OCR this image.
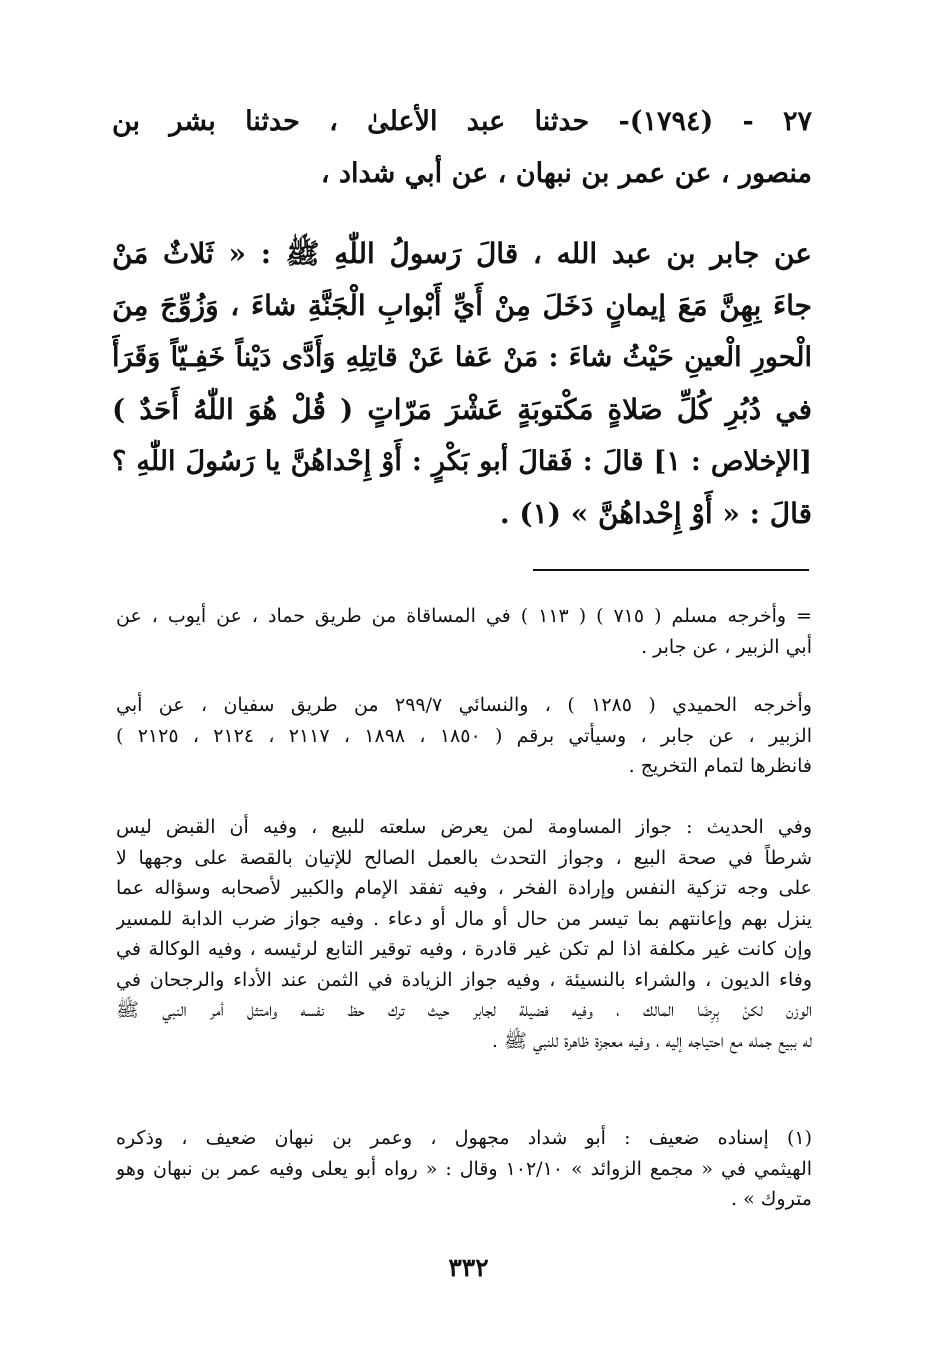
٢٧ - (١٧٩٤)- حدثنا عبد الأعلىٰ ، حدثنا بشر بن
منصور ، عن عمر بن نبهان ، عن أبي شداد ،
عن جابر بن عبد الله ، قالَ رَسولُ اللّٰهِ ﷺ : « ثَلاثٌ مَنْ
جاءَ بِهِنَّ مَعَ إيمانٍ دَخَلَ مِنْ أَيِّ أَبْوابِ الْجَنَّةِ شاءَ ، وَزُوِّجَ مِنَ
الْحورِ الْعينِ حَيْثُ شاءَ : مَنْ عَفا عَنْ قاتِلِهِ وَأَدَّى دَيْناً خَفِـيّاً وَقَرَأَ
في دُبُرِ كُلِّ صَلاةٍ مَكْتوبَةٍ عَشْرَ مَرّاتٍ ( قُلْ هُوَ اللّٰهُ أَحَدٌ )
[الإخلاص : ١] قالَ : فَقالَ أبو بَكْرٍ : أَوْ إِحْداهُنَّ يا رَسُولَ اللّٰهِ ؟
قالَ : « أَوْ إِحْداهُنَّ » (١) .
= وأخرجه مسلم ( ٧١٥ ) ( ١١٣ ) في المساقاة من طريق حماد ، عن أيوب ، عن
أبي الزبير ، عن جابر .
وأخرجه الحميدي ( ١٢٨٥ ) ، والنسائي ٢٩٩/٧ من طريق سفيان ، عن أبي
الزبير ، عن جابر ، وسيأتي برقم ( ١٨٥٠ ، ١٨٩٨ ، ٢١١٧ ، ٢١٢٤ ، ٢١٢٥ )
فانظرها لتمام التخريج .
وفي الحديث : جواز المساومة لمن يعرض سلعته للبيع ، وفيه أن القبض ليس
شرطاً في صحة البيع ، وجواز التحدث بالعمل الصالح للإتيان بالقصة على وجهها لا
على وجه تزكية النفس وإرادة الفخر ، وفيه تفقد الإمام والكبير لأصحابه وسؤاله عما
ينزل بهم وإعانتهم بما تيسر من حال أو مال أو دعاء . وفيه جواز ضرب الدابة للمسير
وإن كانت غير مكلفة اذا لم تكن غير قادرة ، وفيه توقير التابع لرئيسه ، وفيه الوكالة في
وفاء الديون ، والشراء بالنسيئة ، وفيه جواز الزيادة في الثمن عند الأداء والرجحان في
الوزن لكنْ بِرِضَا المالك ، وفيه فضيلة لجابر حيث ترك حظ نفسه وامتثل أمر النبي ﷺ
له ببيع جمله مع احتياجه إليه ، وفيه معجزة ظاهرة للنبي ﷺ .
(١) إسناده ضعيف : أبو شداد مجهول ، وعمر بن نبهان ضعيف ، وذكره
الهيثمي في « مجمع الزوائد » ١٠٢/١٠ وقال : « رواه أبو يعلى وفيه عمر بن نبهان وهو
متروك » .
٣٣٢
